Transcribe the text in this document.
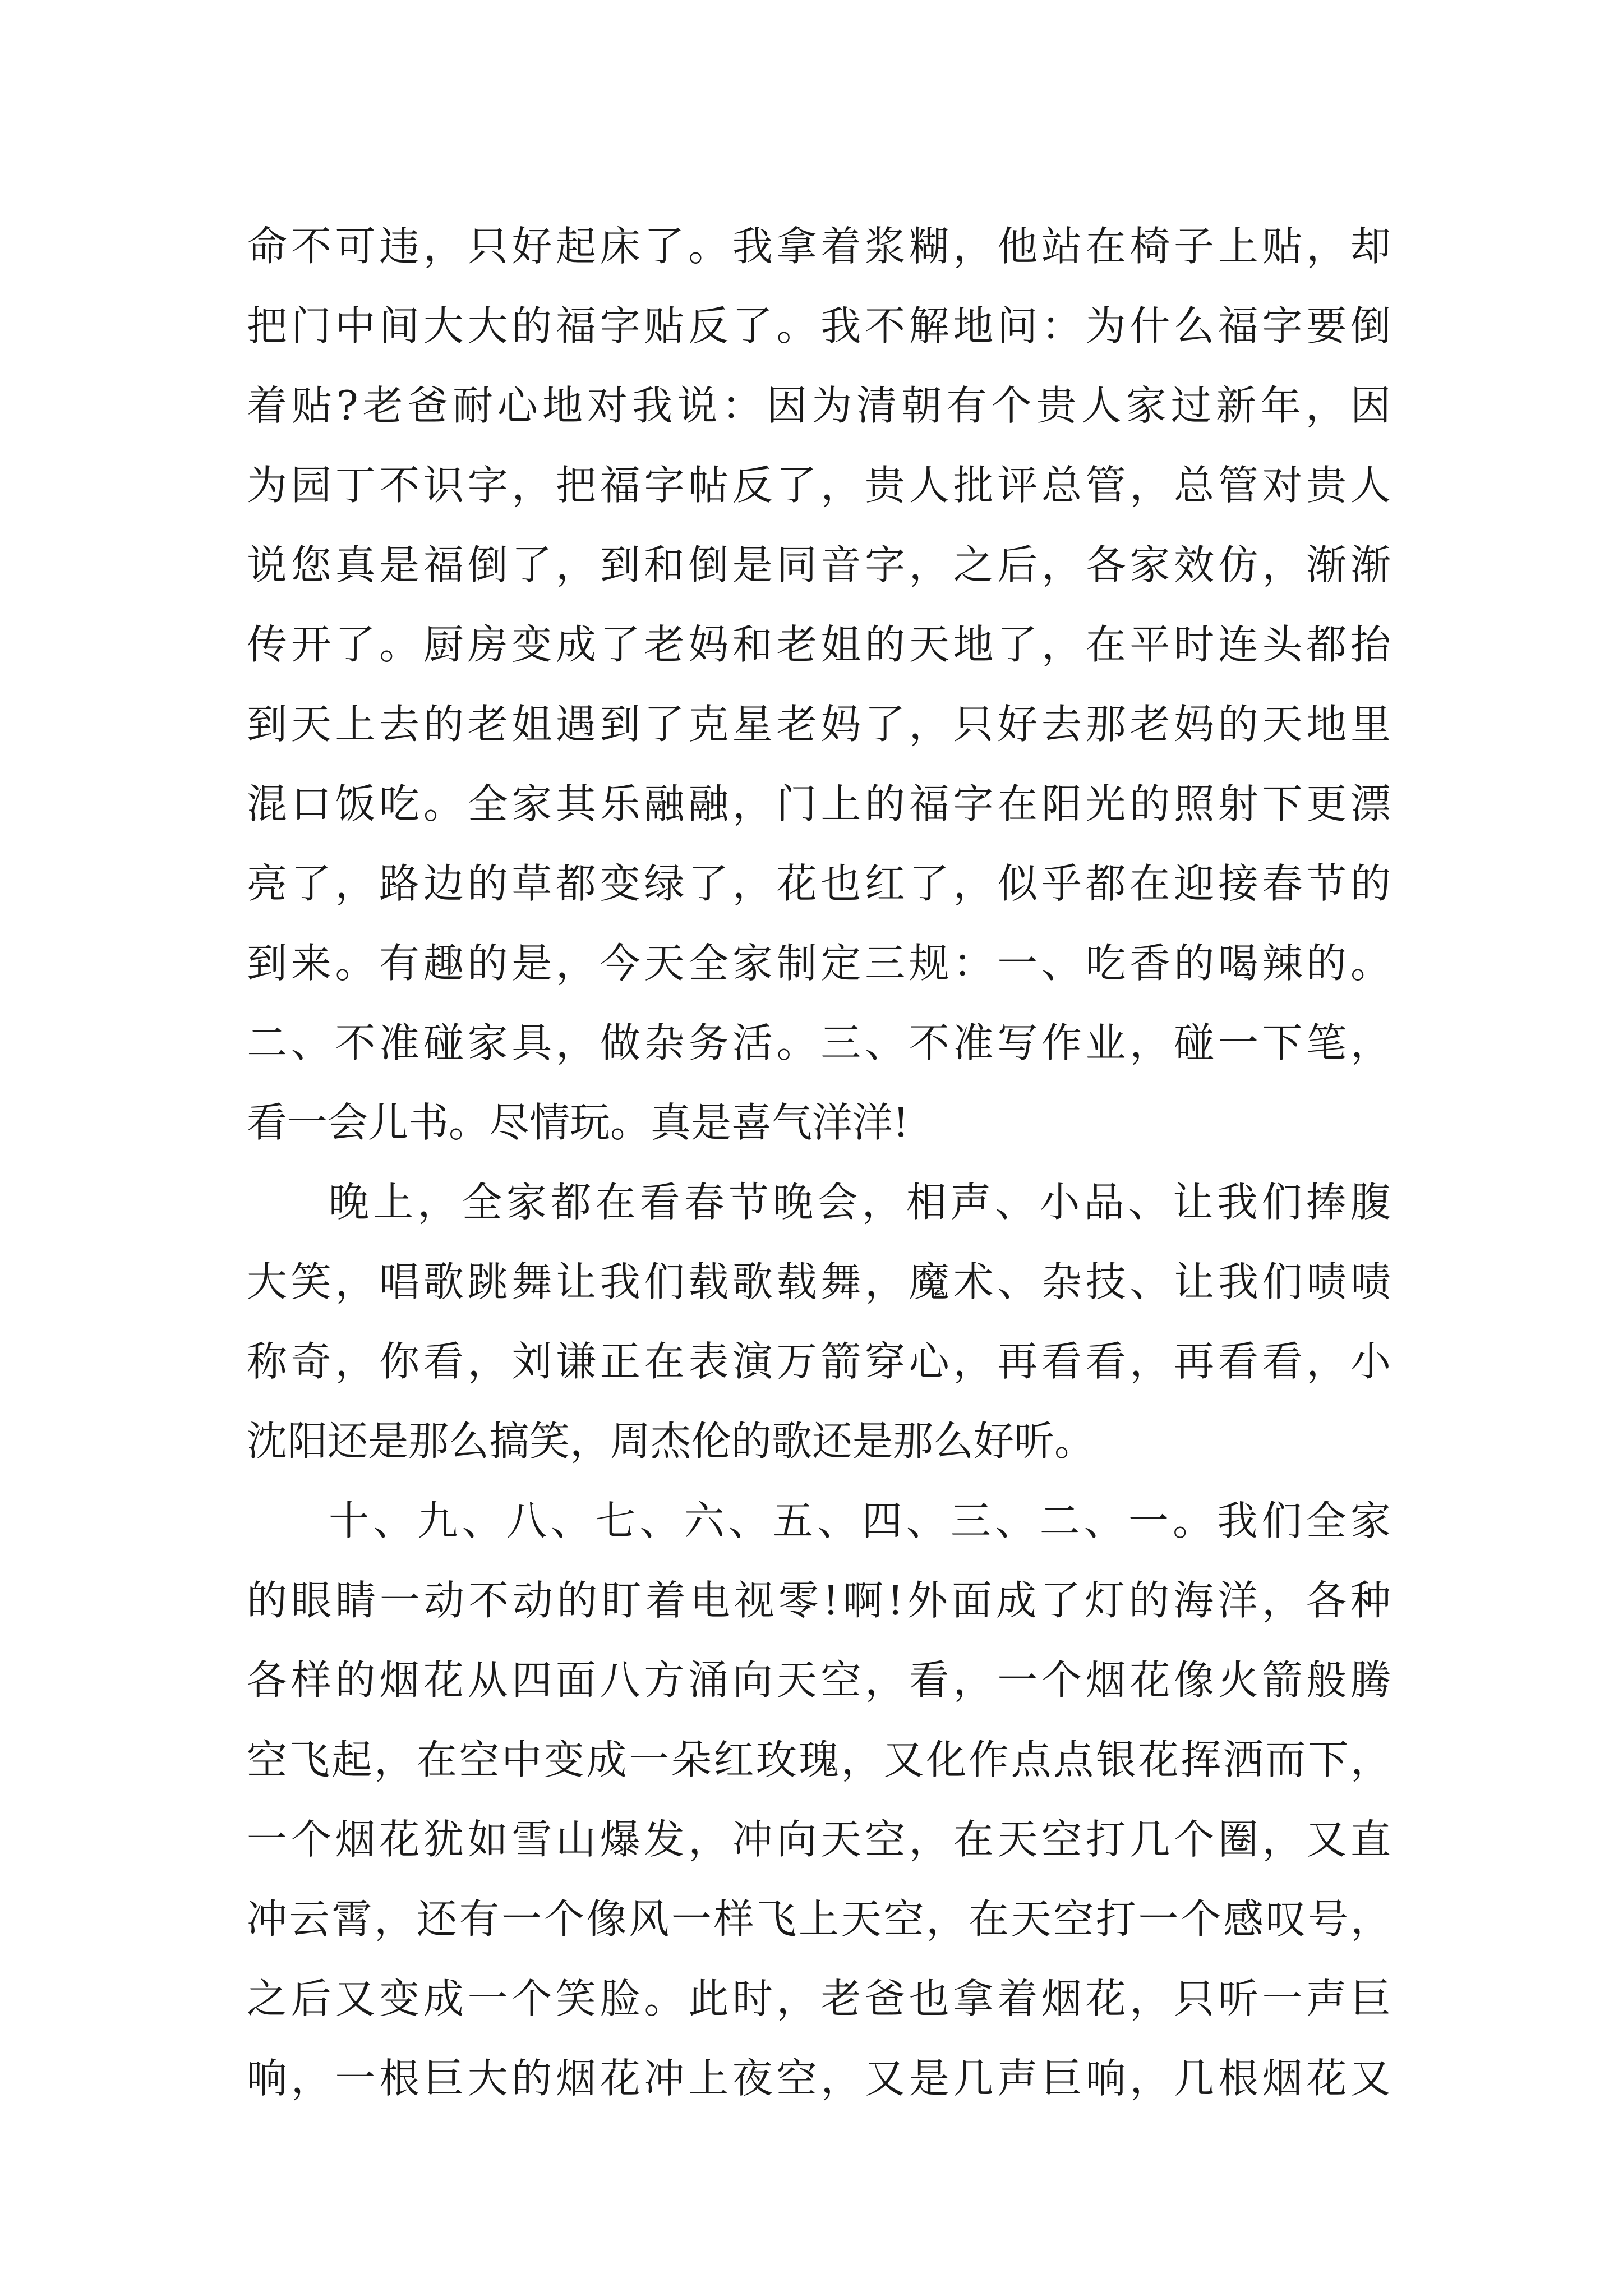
命不可违，只好起床了。我拿着浆糊，他站在椅子上贴，却
把门中间大大的福字贴反了。我不解地问：为什么福字要倒
着贴?老爸耐心地对我说：因为清朝有个贵人家过新年，因
为园丁不识字，把福字帖反了，贵人批评总管，总管对贵人
说您真是福倒了，到和倒是同音字，之后，各家效仿，渐渐
传开了。厨房变成了老妈和老姐的天地了，在平时连头都抬
到天上去的老姐遇到了克星老妈了，只好去那老妈的天地里
混口饭吃。全家其乐融融，门上的福字在阳光的照射下更漂
亮了，路边的草都变绿了，花也红了，似乎都在迎接春节的
到来。有趣的是，今天全家制定三规：一、吃香的喝辣的。
二、不准碰家具，做杂务活。三、不准写作业，碰一下笔，
看一会儿书。尽情玩。真是喜气洋洋!
晚上，全家都在看春节晚会，相声、小品、让我们捧腹
大笑，唱歌跳舞让我们载歌载舞，魔术、杂技、让我们啧啧
称奇，你看，刘谦正在表演万箭穿心，再看看，再看看，小
沈阳还是那么搞笑，周杰伦的歌还是那么好听。
十、九、八、七、六、五、四、三、二、一。我们全家
的眼睛一动不动的盯着电视零!啊!外面成了灯的海洋，各种
各样的烟花从四面八方涌向天空，看，一个烟花像火箭般腾
空飞起，在空中变成一朵红玫瑰，又化作点点银花挥洒而下，
一个烟花犹如雪山爆发，冲向天空，在天空打几个圈，又直
冲云霄，还有一个像风一样飞上天空，在天空打一个感叹号，
之后又变成一个笑脸。此时，老爸也拿着烟花，只听一声巨
响，一根巨大的烟花冲上夜空，又是几声巨响，几根烟花又
